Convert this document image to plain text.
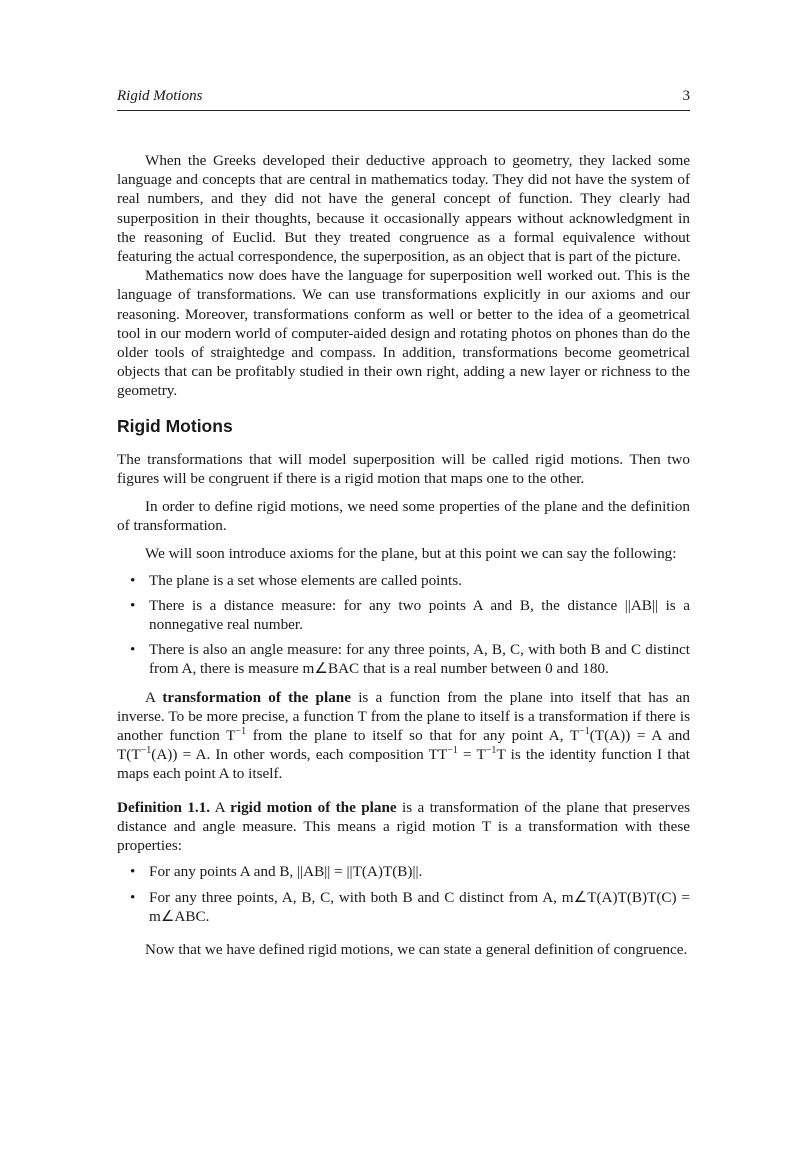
Rigid Motions	3

When the Greeks developed their deductive approach to geometry, they lacked some language and concepts that are central in mathematics today. They did not have the system of real numbers, and they did not have the general concept of function. They clearly had superposition in their thoughts, because it occasionally appears without acknowledgment in the reasoning of Euclid. But they treated congruence as a formal equivalence without featuring the actual correspondence, the superposition, as an object that is part of the picture.

Mathematics now does have the language for superposition well worked out. This is the language of transformations. We can use transformations explicitly in our axioms and our reasoning. Moreover, transformations conform as well or better to the idea of a geometrical tool in our modern world of computer-aided design and rotating photos on phones than do the older tools of straightedge and compass. In addition, transformations become geometrical objects that can be profitably studied in their own right, adding a new layer or richness to the geometry.

Rigid Motions

The transformations that will model superposition will be called rigid motions. Then two figures will be congruent if there is a rigid motion that maps one to the other.

In order to define rigid motions, we need some properties of the plane and the definition of transformation.

We will soon introduce axioms for the plane, but at this point we can say the following:

• The plane is a set whose elements are called points.
• There is a distance measure: for any two points A and B, the distance ||AB|| is a nonnegative real number.
• There is also an angle measure: for any three points, A, B, C, with both B and C distinct from A, there is measure m∠BAC that is a real number between 0 and 180.

A transformation of the plane is a function from the plane into itself that has an inverse. To be more precise, a function T from the plane to itself is a transformation if there is another function $T^{-1}$ from the plane to itself so that for any point A, $T^{-1}(T(A)) = A$ and $T(T^{-1}(A)) = A$. In other words, each composition $TT^{-1} = T^{-1}T$ is the identity function I that maps each point A to itself.

Definition 1.1. A rigid motion of the plane is a transformation of the plane that preserves distance and angle measure. This means a rigid motion T is a transformation with these properties:

• For any points A and B, ||AB|| = ||T(A)T(B)||.
• For any three points, A, B, C, with both B and C distinct from A, m∠T(A)T(B)T(C) = m∠ABC.

Now that we have defined rigid motions, we can state a general definition of congruence.
